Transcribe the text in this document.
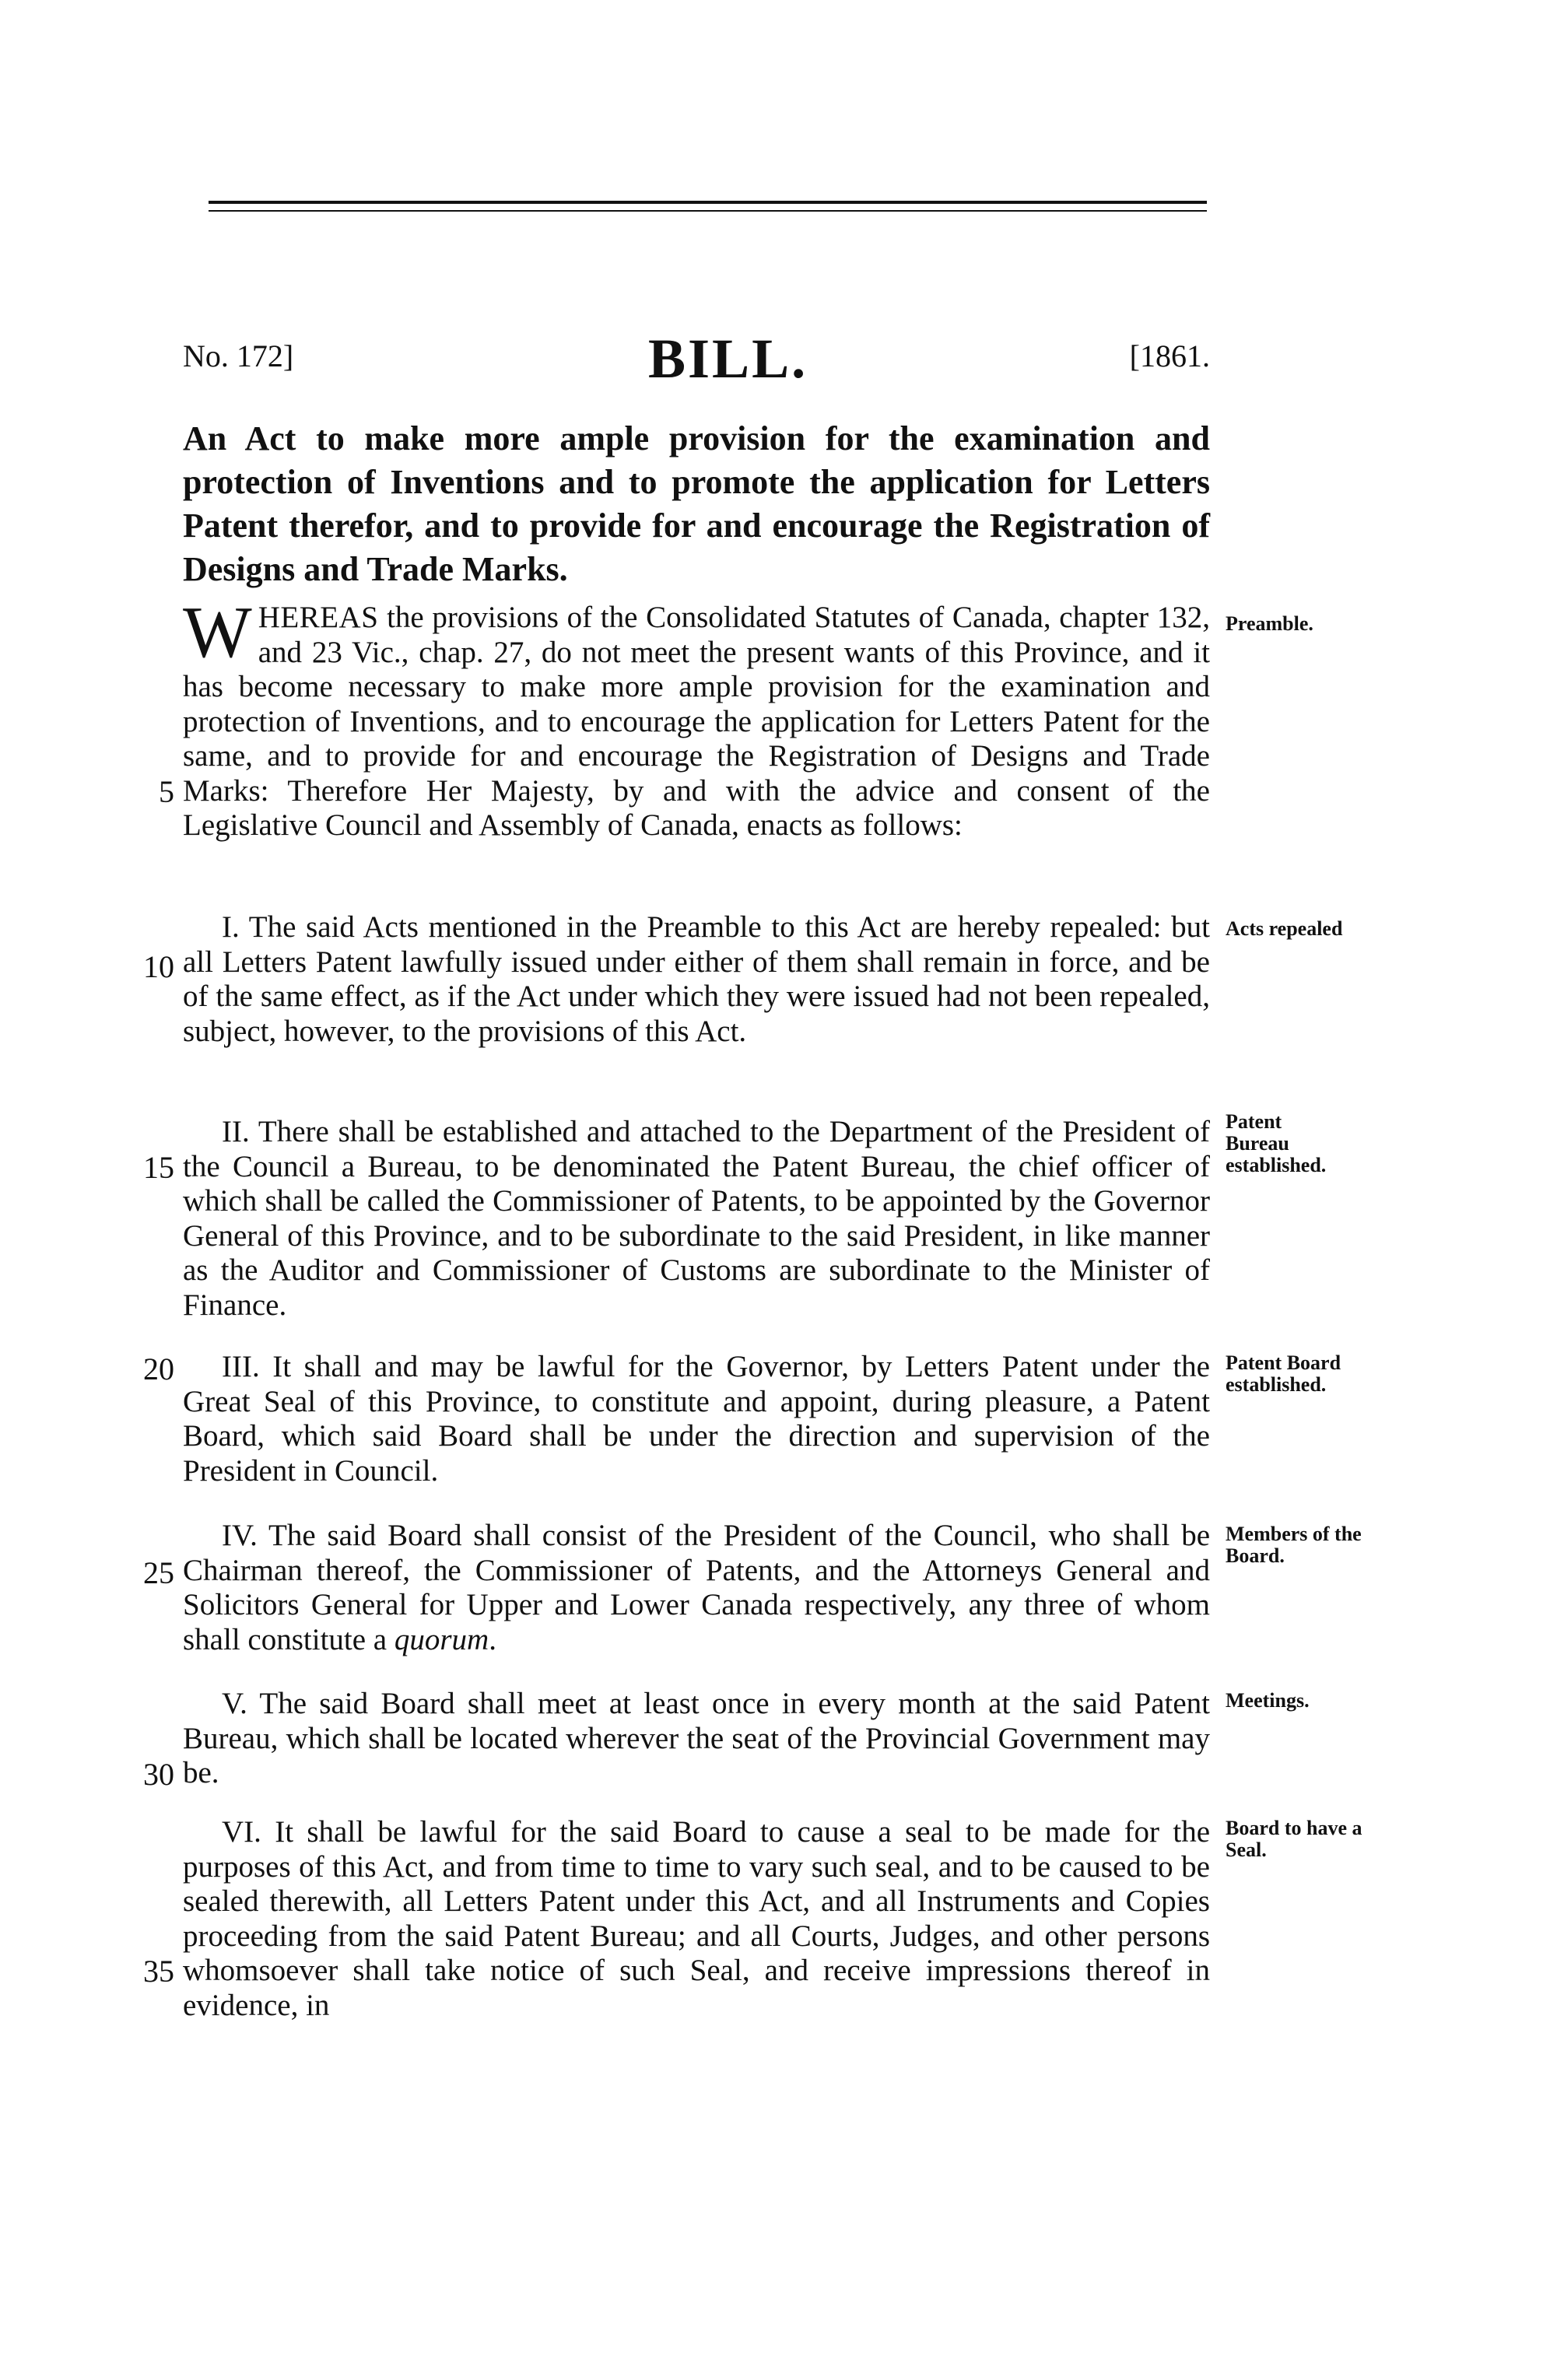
No. 172]	BILL.	[1861.

An Act to make more ample provision for the examination and protection of Inventions and to promote the application for Letters Patent therefor, and to provide for and encourage the Registration of Designs and Trade Marks.

WHEREAS the provisions of the Consolidated Statutes of Canada, chapter 132, and 23 Vic., chap. 27, do not meet the present wants of this Province, and it has become necessary to make more ample provision for the examination and protection of Inventions, and to encourage the application for Letters Patent for the same, and to provide for and encourage the Registration of Designs and Trade Marks: Therefore Her Majesty, by and with the advice and consent of the Legislative Council and Assembly of Canada, enacts as follows:

Preamble.

I. The said Acts mentioned in the Preamble to this Act are hereby repealed: but all Letters Patent lawfully issued under either of them shall remain in force, and be of the same effect, as if the Act under which they were issued had not been repealed, subject, however, to the provisions of this Act.

Acts repealed

II. There shall be established and attached to the Department of the President of the Council a Bureau, to be denominated the Patent Bureau, the chief officer of which shall be called the Commissioner of Patents, to be appointed by the Governor General of this Province, and to be subordinate to the said President, in like manner as the Auditor and Commissioner of Customs are subordinate to the Minister of Finance.

Patent Bureau established.

III. It shall and may be lawful for the Governor, by Letters Patent under the Great Seal of this Province, to constitute and appoint, during pleasure, a Patent Board, which said Board shall be under the direction and supervision of the President in Council.

Patent Board established.

IV. The said Board shall consist of the President of the Council, who shall be Chairman thereof, the Commissioner of Patents, and the Attorneys General and Solicitors General for Upper and Lower Canada respectively, any three of whom shall constitute a quorum.

Members of the Board.

V. The said Board shall meet at least once in every month at the said Patent Bureau, which shall be located wherever the seat of the Provincial Government may be.

Meetings.

VI. It shall be lawful for the said Board to cause a seal to be made for the purposes of this Act, and from time to time to vary such seal, and to be caused to be sealed therewith, all Letters Patent under this Act, and all Instruments and Copies proceeding from the said Patent Bureau; and all Courts, Judges, and other persons whomsoever shall take notice of such Seal, and receive impressions thereof in evidence, in

Board to have a Seal.
5
10
15
20
25
30
35
